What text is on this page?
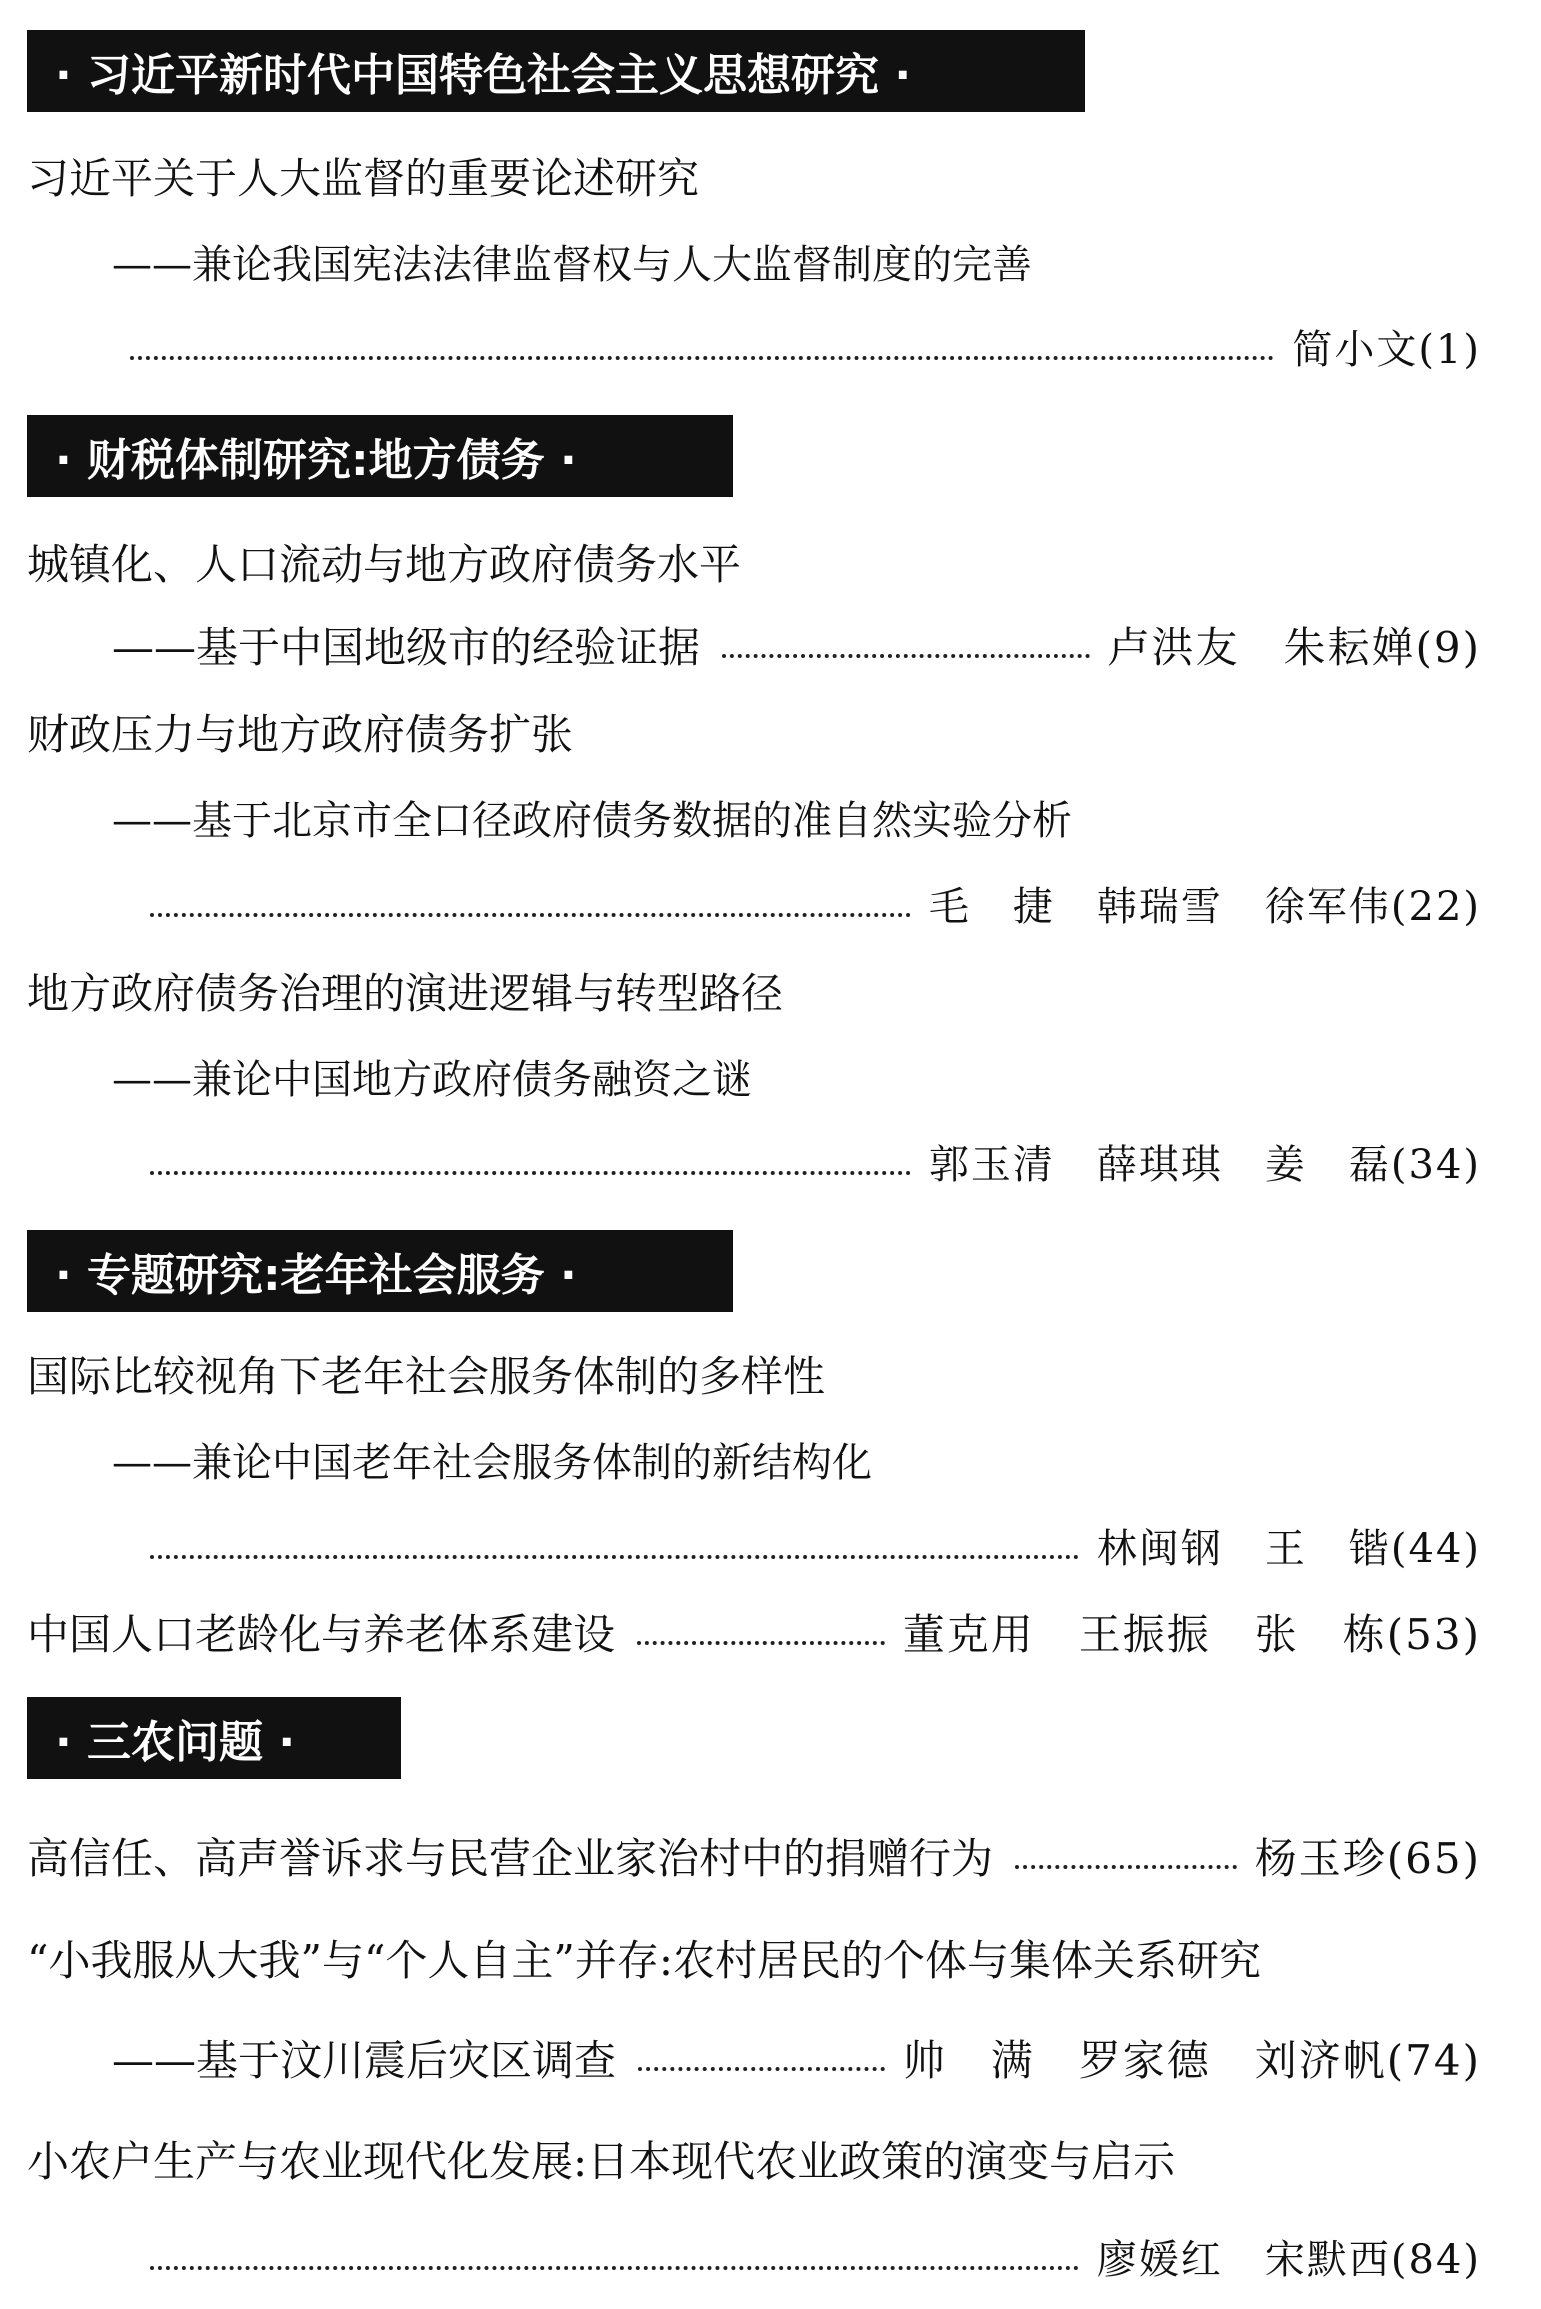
· 习近平新时代中国特色社会主义思想研究 ·
习近平关于人大监督的重要论述研究
——兼论我国宪法法律监督权与人大监督制度的完善
简小文(1)
· 财税体制研究:地方债务 ·
城镇化、人口流动与地方政府债务水平
——基于中国地级市的经验证据	卢洪友　朱耘婵(9)
财政压力与地方政府债务扩张
——基于北京市全口径政府债务数据的准自然实验分析
毛　捷　韩瑞雪　徐军伟(22)
地方政府债务治理的演进逻辑与转型路径
——兼论中国地方政府债务融资之谜
郭玉清　薛琪琪　姜　磊(34)
· 专题研究:老年社会服务 ·
国际比较视角下老年社会服务体制的多样性
——兼论中国老年社会服务体制的新结构化
林闽钢　王　锴(44)
中国人口老龄化与养老体系建设	董克用　王振振　张　栋(53)
· 三农问题 ·
高信任、高声誉诉求与民营企业家治村中的捐赠行为	杨玉珍(65)
“小我服从大我”与“个人自主”并存:农村居民的个体与集体关系研究
——基于汶川震后灾区调查	帅　满　罗家德　刘济帆(74)
小农户生产与农业现代化发展:日本现代农业政策的演变与启示
廖媛红　宋默西(84)
